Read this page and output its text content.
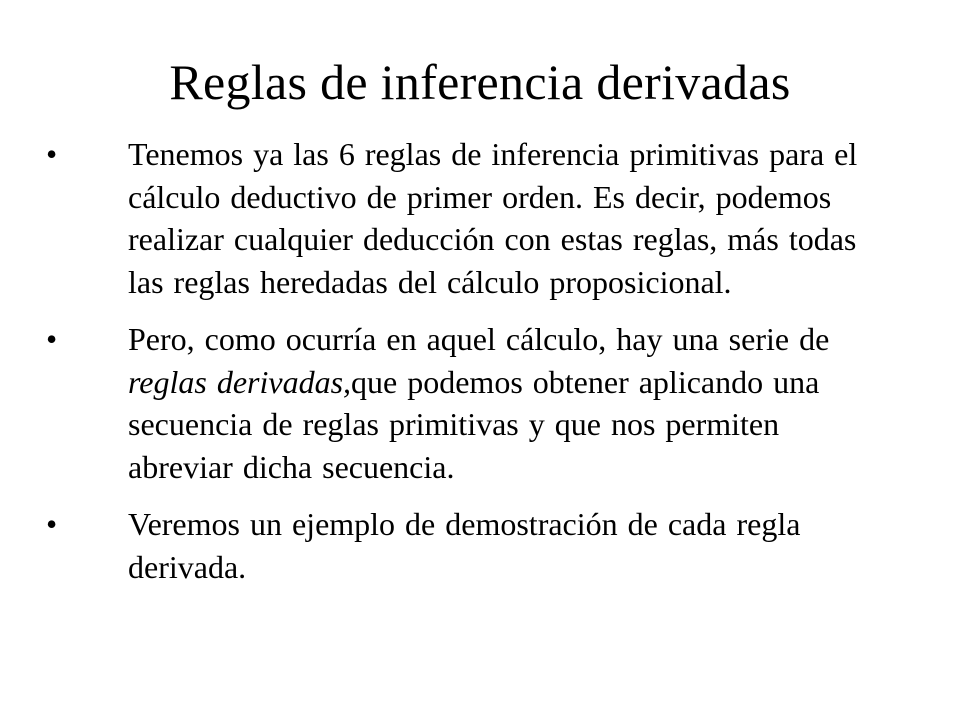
Reglas de inferencia derivadas
• Tenemos ya las 6 reglas de inferencia primitivas para el cálculo deductivo de primer orden. Es decir, podemos realizar cualquier deducción con estas reglas, más todas las reglas heredadas del cálculo proposicional.
• Pero, como ocurría en aquel cálculo, hay una serie de reglas derivadas,que podemos obtener aplicando una secuencia de reglas primitivas y que nos permiten abreviar dicha secuencia.
• Veremos un ejemplo de demostración de cada regla derivada.
